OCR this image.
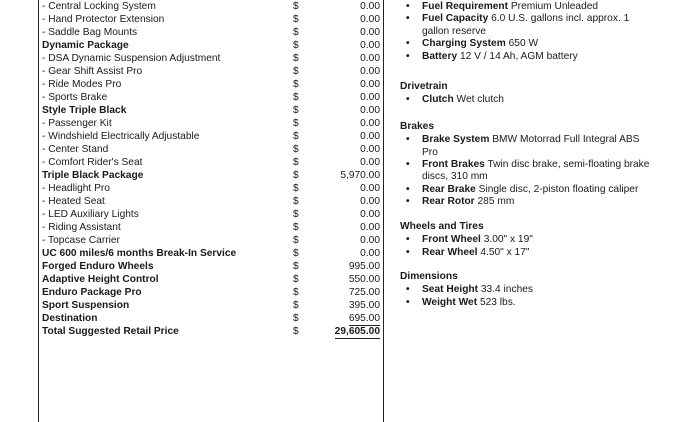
- Central Locking System	$	0.00
- Hand Protector Extension	$	0.00
- Saddle Bag Mounts	$	0.00
Dynamic Package	$	0.00
- DSA Dynamic Suspension Adjustment	$	0.00
- Gear Shift Assist Pro	$	0.00
- Ride Modes Pro	$	0.00
- Sports Brake	$	0.00
Style Triple Black	$	0.00
- Passenger Kit	$	0.00
- Windshield Electrically Adjustable	$	0.00
- Center Stand	$	0.00
- Comfort Rider's Seat	$	0.00
Triple Black Package	$	5,970.00
- Headlight Pro	$	0.00
- Heated Seat	$	0.00
- LED Auxiliary Lights	$	0.00
- Riding Assistant	$	0.00
- Topcase Carrier	$	0.00
UC 600 miles/6 months Break-In Service	$	0.00
Forged Enduro Wheels	$	995.00
Adaptive Height Control	$	550.00
Enduro Package Pro	$	725.00
Sport Suspension	$	395.00
Destination	$	695.00
Total Suggested Retail Price	$	29,605.00
• Fuel Requirement Premium Unleaded
• Fuel Capacity 6.0 U.S. gallons incl. approx. 1 gallon reserve
• Charging System 650 W
• Battery 12 V / 14 Ah, AGM battery
Drivetrain
• Clutch Wet clutch
Brakes
• Brake System BMW Motorrad Full Integral ABS Pro
• Front Brakes Twin disc brake, semi-floating brake discs, 310 mm
• Rear Brake Single disc, 2-piston floating caliper
• Rear Rotor 285 mm
Wheels and Tires
• Front Wheel 3.00" x 19"
• Rear Wheel 4.50" x 17"
Dimensions
• Seat Height 33.4 inches
• Weight Wet 523 lbs.
